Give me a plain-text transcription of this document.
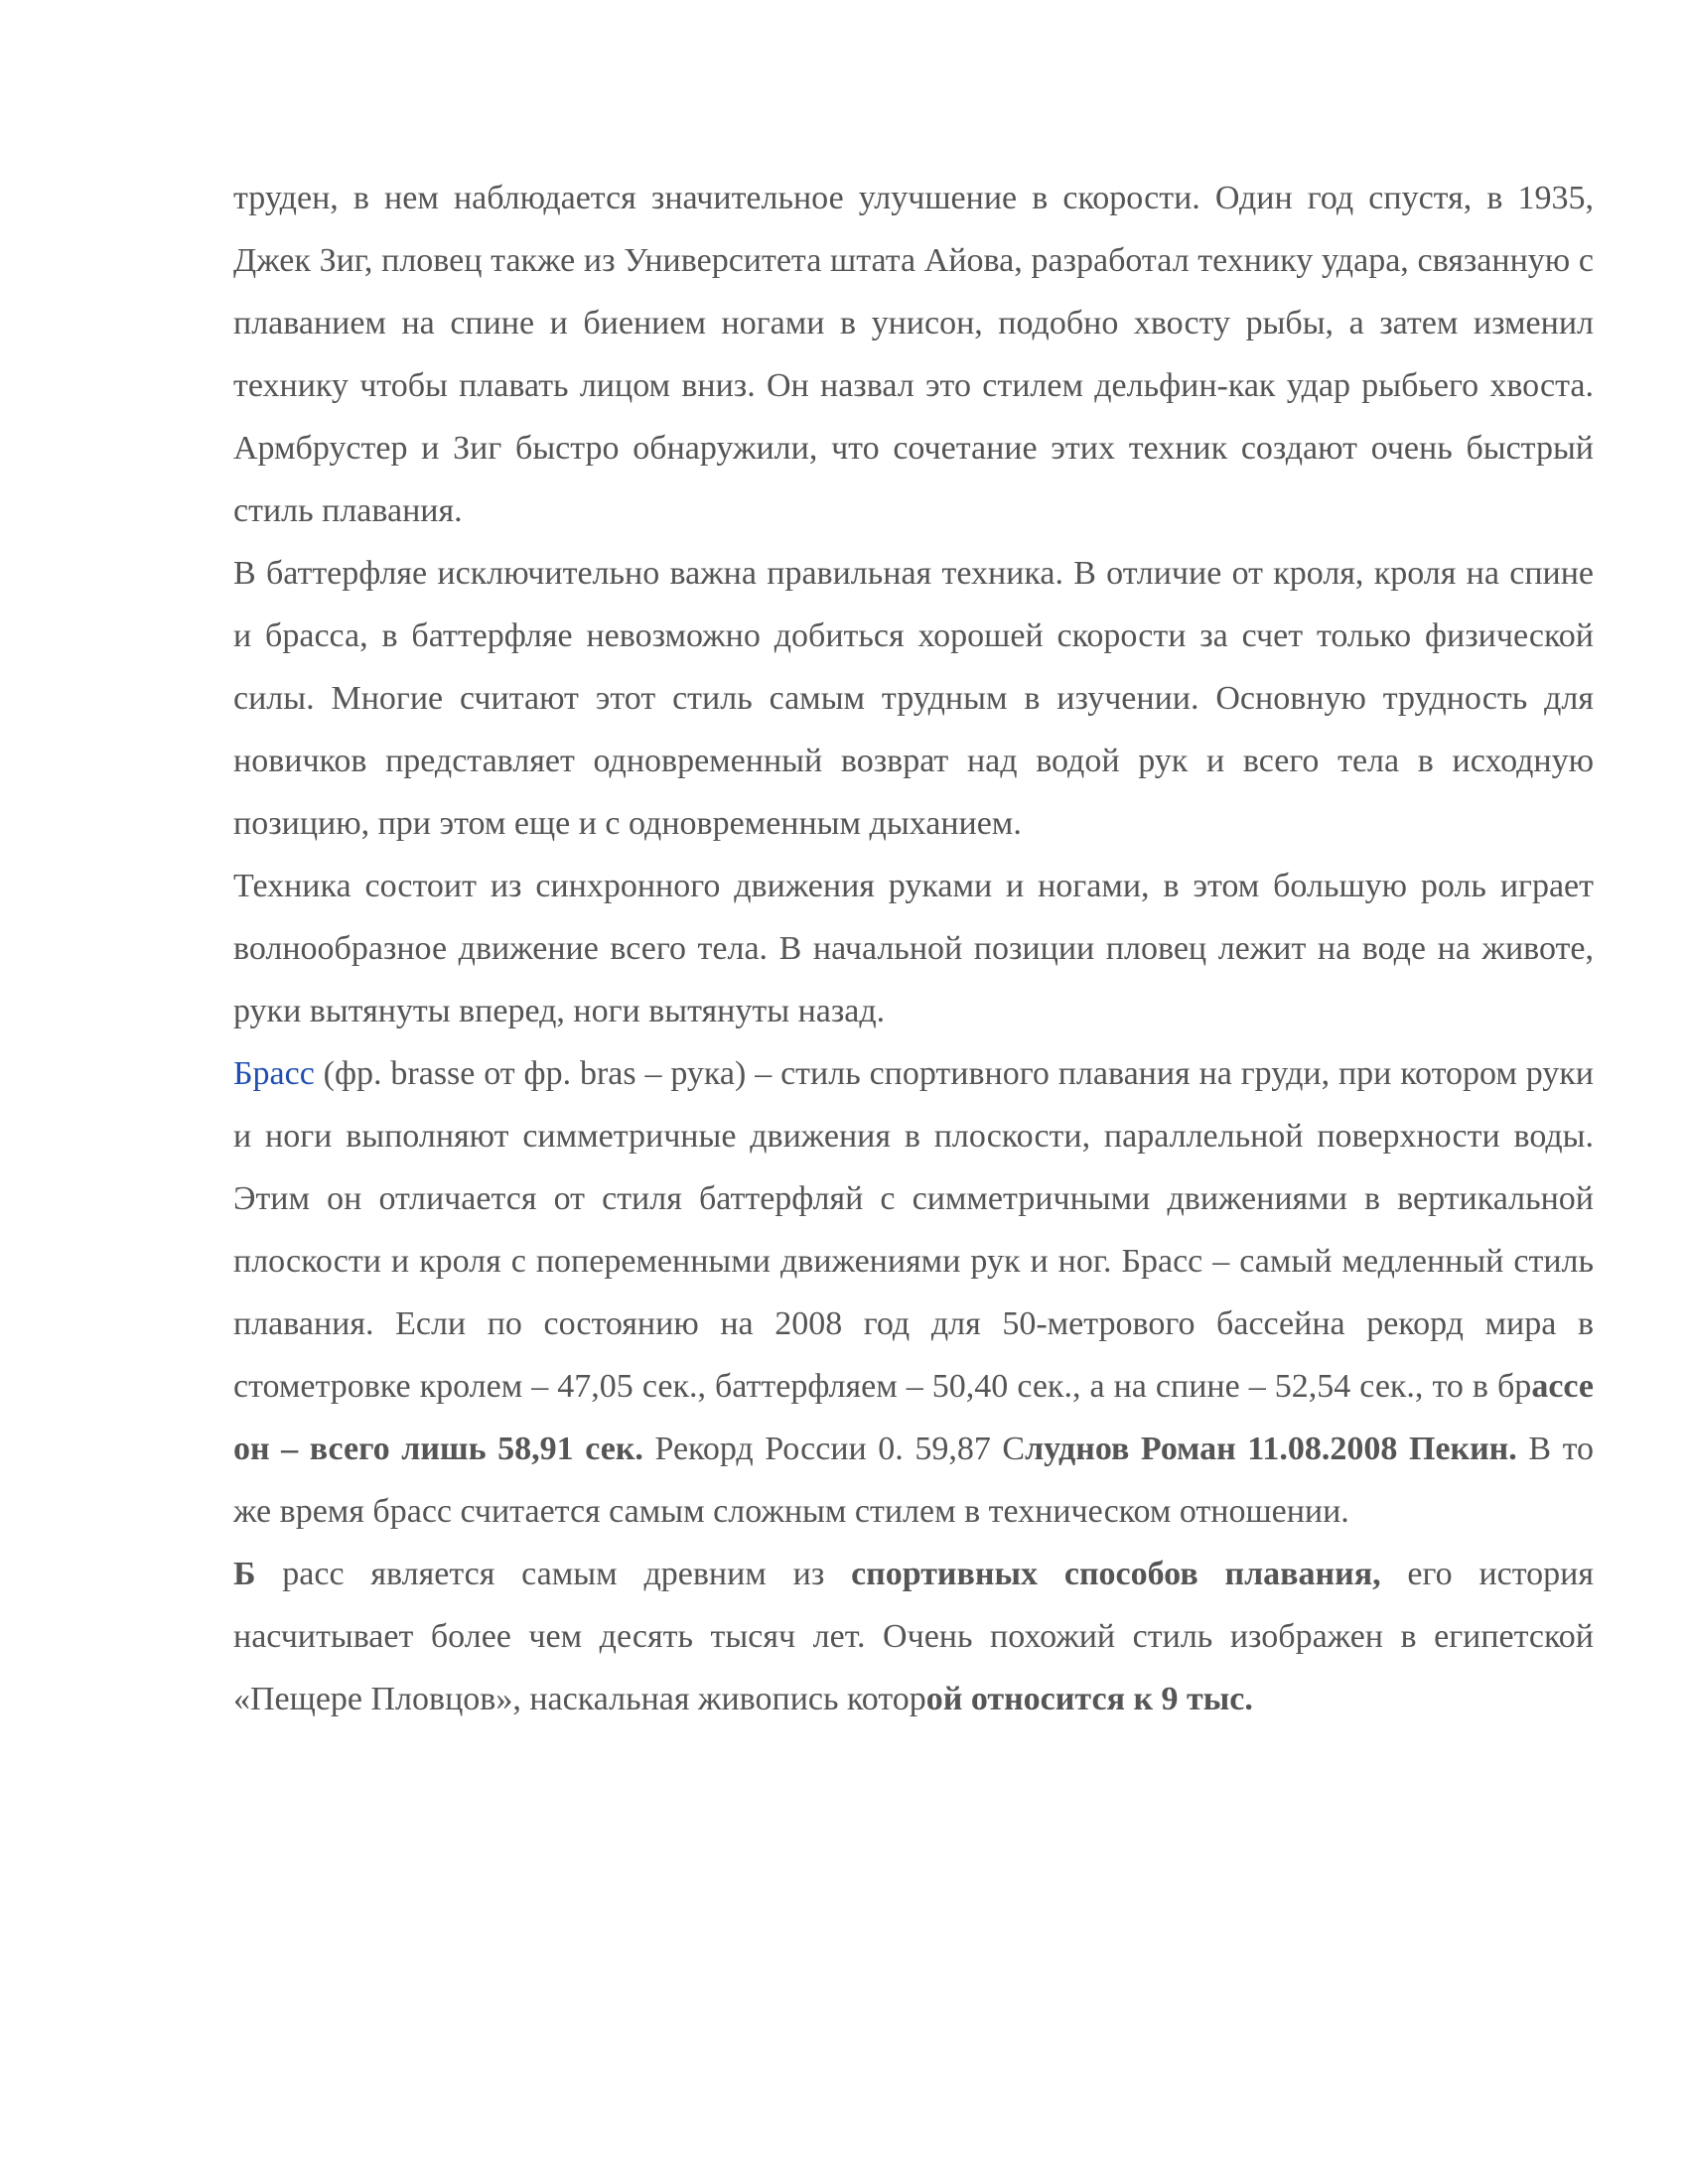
труден, в нем наблюдается значительное улучшение в скорости. Один год спустя, в 1935, Джек Зиг, пловец также из Университета штата Айова, разработал технику удара, связанную с плаванием на спине и биением ногами в унисон, подобно хвосту рыбы, а затем изменил технику чтобы плавать лицом вниз. Он назвал это стилем дельфин-как удар рыбьего хвоста. Армбрустер и Зиг быстро обнаружили, что сочетание этих техник создают очень быстрый стиль плавания.

В баттерфляе исключительно важна правильная техника. В отличие от кроля, кроля на спине и брасса, в баттерфляе невозможно добиться хорошей скорости за счет только физической силы. Многие считают этот стиль самым трудным в изучении. Основную трудность для новичков представляет одновременный возврат над водой рук и всего тела в исходную позицию, при этом еще и с одновременным дыханием.

Техника состоит из синхронного движения руками и ногами, в этом большую роль играет волнообразное движение всего тела. В начальной позиции пловец лежит на воде на животе, руки вытянуты вперед, ноги вытянуты назад.

Брасс (фр. brasse от фр. bras – рука) – стиль спортивного плавания на груди, при котором руки и ноги выполняют симметричные движения в плоскости, параллельной поверхности воды. Этим он отличается от стиля баттерфляй с симметричными движениями в вертикальной плоскости и кроля с попеременными движениями рук и ног. Брасс – самый медленный стиль плавания. Если по состоянию на 2008 год для 50-метрового бассейна рекорд мира в стометровке кролем – 47,05 сек., баттерфляем – 50,40 сек., а на спине – 52,54 сек., то в брассе он – всего лишь 58,91 сек. Рекорд России 0. 59,87 Слуднов Роман 11.08.2008 Пекин. В то же время брасс считается самым сложным стилем в техническом отношении.

Б расс является самым древним из спортивных способов плавания, его история насчитывает более чем десять тысяч лет. Очень похожий стиль изображен в египетской «Пещере Пловцов», наскальная живопись которой относится к 9 тыс.
